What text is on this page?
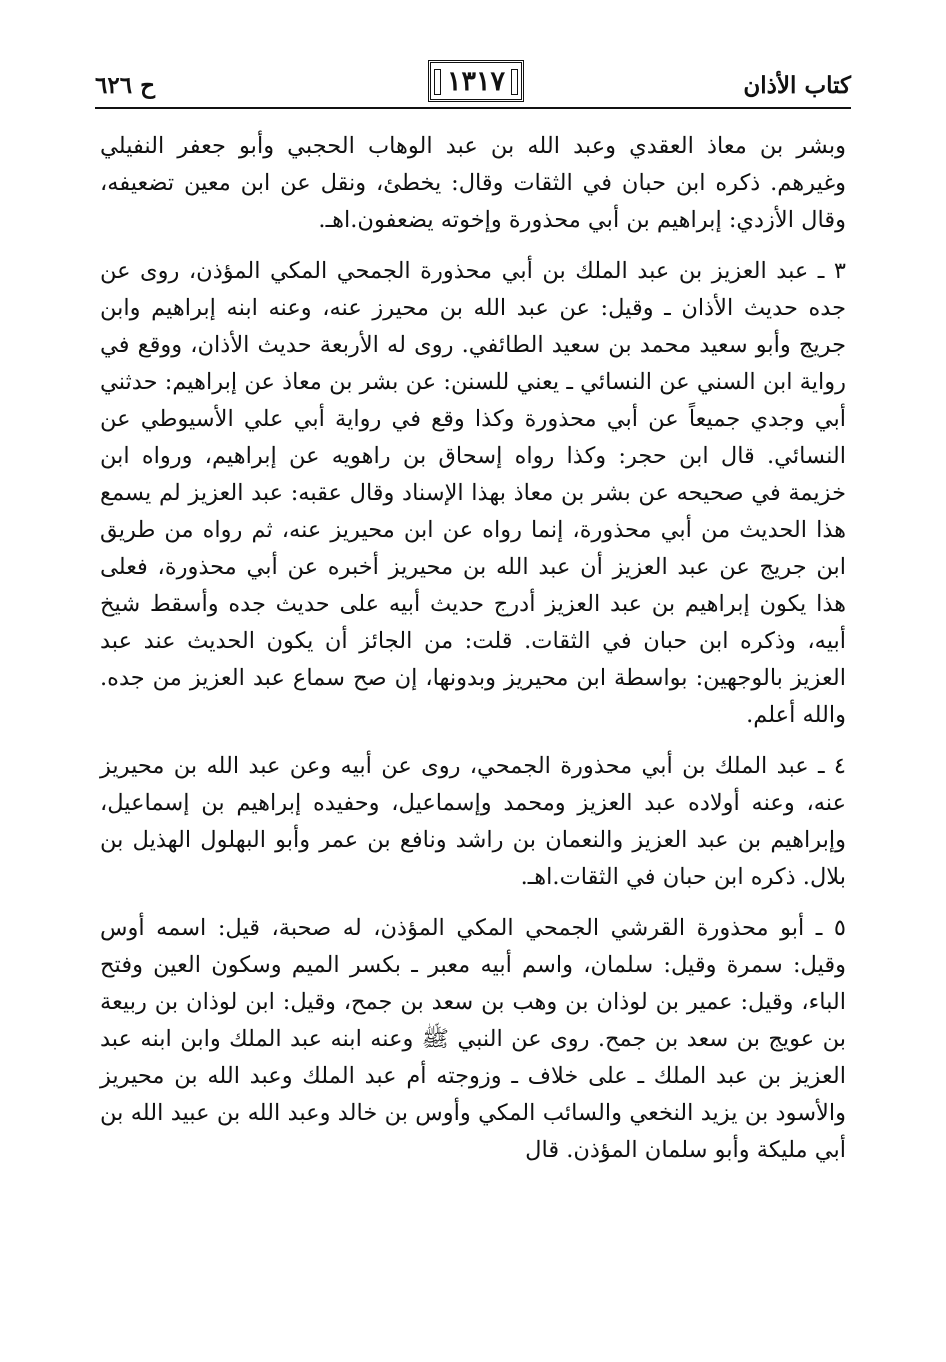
ح ٦٢٦	١٣١٧	كتاب الأذان

وبشر بن معاذ العقدي وعبد الله بن عبد الوهاب الحجبي وأبو جعفر النفيلي وغيرهم. ذكره ابن حبان في الثقات وقال: يخطئ، ونقل عن ابن معين تضعيفه، وقال الأزدي: إبراهيم بن أبي محذورة وإخوته يضعفون.اهـ.

٣ ـ عبد العزيز بن عبد الملك بن أبي محذورة الجمحي المكي المؤذن، روى عن جده حديث الأذان ـ وقيل: عن عبد الله بن محيرز عنه، وعنه ابنه إبراهيم وابن جريج وأبو سعيد محمد بن سعيد الطائفي. روى له الأربعة حديث الأذان، ووقع في رواية ابن السني عن النسائي ـ يعني للسنن: عن بشر بن معاذ عن إبراهيم: حدثني أبي وجدي جميعاً عن أبي محذورة وكذا وقع في رواية أبي علي الأسيوطي عن النسائي. قال ابن حجر: وكذا رواه إسحاق بن راهويه عن إبراهيم، ورواه ابن خزيمة في صحيحه عن بشر بن معاذ بهذا الإسناد وقال عقبه: عبد العزيز لم يسمع هذا الحديث من أبي محذورة، إنما رواه عن ابن محيريز عنه، ثم رواه من طريق ابن جريج عن عبد العزيز أن عبد الله بن محيريز أخبره عن أبي محذورة، فعلى هذا يكون إبراهيم بن عبد العزيز أدرج حديث أبيه على حديث جده وأسقط شيخ أبيه، وذكره ابن حبان في الثقات. قلت: من الجائز أن يكون الحديث عند عبد العزيز بالوجهين: بواسطة ابن محيريز وبدونها، إن صح سماع عبد العزيز من جده. والله أعلم.

٤ ـ عبد الملك بن أبي محذورة الجمحي، روى عن أبيه وعن عبد الله بن محيريز عنه، وعنه أولاده عبد العزيز ومحمد وإسماعيل، وحفيده إبراهيم بن إسماعيل، وإبراهيم بن عبد العزيز والنعمان بن راشد ونافع بن عمر وأبو البهلول الهذيل بن بلال. ذكره ابن حبان في الثقات.اهـ.

٥ ـ أبو محذورة القرشي الجمحي المكي المؤذن، له صحبة، قيل: اسمه أوس وقيل: سمرة وقيل: سلمان، واسم أبيه معبر ـ بكسر الميم وسكون العين وفتح الباء، وقيل: عمير بن لوذان بن وهب بن سعد بن جمح، وقيل: ابن لوذان بن ربيعة بن عويج بن سعد بن جمح. روى عن النبي ﷺ وعنه ابنه عبد الملك وابن ابنه عبد العزيز بن عبد الملك ـ على خلاف ـ وزوجته أم عبد الملك وعبد الله بن محيريز والأسود بن يزيد النخعي والسائب المكي وأوس بن خالد وعبد الله بن عبيد الله بن أبي مليكة وأبو سلمان المؤذن. قال
